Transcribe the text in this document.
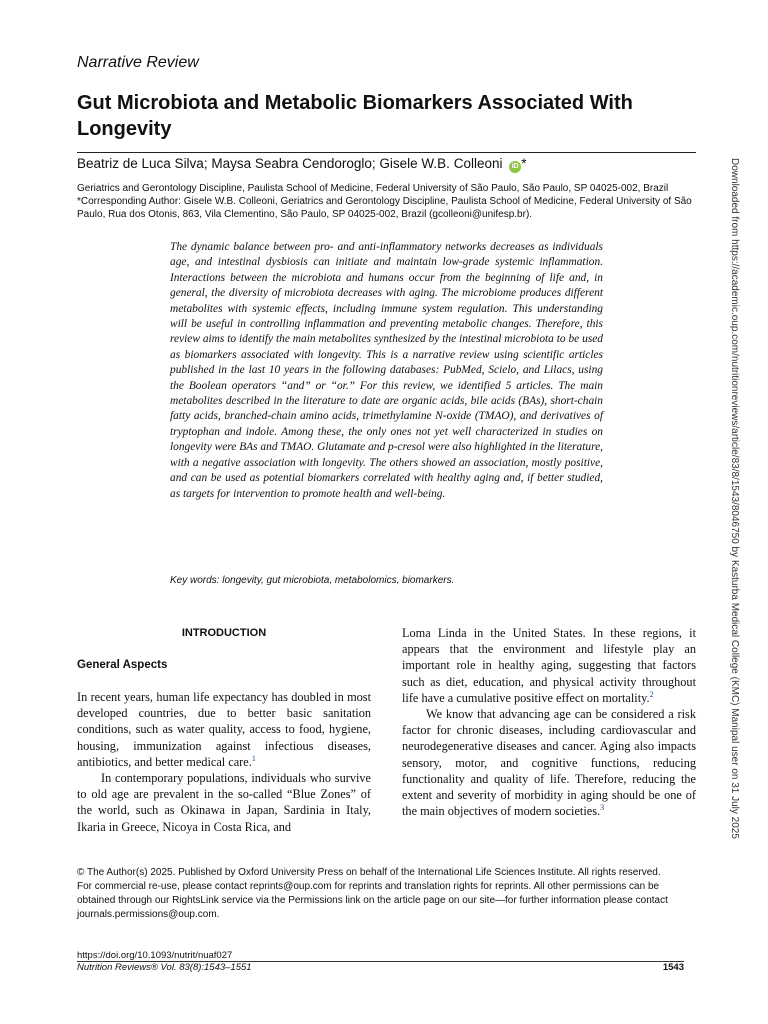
Narrative Review
Gut Microbiota and Metabolic Biomarkers Associated With Longevity
Beatriz de Luca Silva; Maysa Seabra Cendoroglo; Gisele W.B. Colleoni iD *
Geriatrics and Gerontology Discipline, Paulista School of Medicine, Federal University of São Paulo, São Paulo, SP 04025-002, Brazil
*Corresponding Author: Gisele W.B. Colleoni, Geriatrics and Gerontology Discipline, Paulista School of Medicine, Federal University of São Paulo, Rua dos Otonis, 863, Vila Clementino, São Paulo, SP 04025-002, Brazil (gcolleoni@unifesp.br).
The dynamic balance between pro- and anti-inflammatory networks decreases as individuals age, and intestinal dysbiosis can initiate and maintain low-grade systemic inflammation. Interactions between the microbiota and humans occur from the beginning of life and, in general, the diversity of microbiota decreases with aging. The microbiome produces different metabolites with systemic effects, including immune system regulation. This understanding will be useful in controlling inflammation and preventing metabolic changes. Therefore, this review aims to identify the main metabolites synthesized by the intestinal microbiota to be used as biomarkers associated with longevity. This is a narrative review using scientific articles published in the last 10 years in the following databases: PubMed, Scielo, and Lilacs, using the Boolean operators “and” or “or.” For this review, we identified 5 articles. The main metabolites described in the literature to date are organic acids, bile acids (BAs), short-chain fatty acids, branched-chain amino acids, trimethylamine N-oxide (TMAO), and derivatives of tryptophan and indole. Among these, the only ones not yet well characterized in studies on longevity were BAs and TMAO. Glutamate and p-cresol were also highlighted in the literature, with a negative association with longevity. The others showed an association, mostly positive, and can be used as potential biomarkers correlated with healthy aging and, if better studied, as targets for intervention to promote health and well-being.
Key words: longevity, gut microbiota, metabolomics, biomarkers.
INTRODUCTION
General Aspects

In recent years, human life expectancy has doubled in most developed countries, due to better basic sanitation conditions, such as water quality, access to food, hygiene, housing, immunization against infectious diseases, antibiotics, and better medical care.$^1$

In contemporary populations, individuals who survive to old age are prevalent in the so-called “Blue Zones” of the world, such as Okinawa in Japan, Sardinia in Italy, Ikaria in Greece, Nicoya in Costa Rica, and

Loma Linda in the United States. In these regions, it appears that the environment and lifestyle play an important role in healthy aging, suggesting that factors such as diet, education, and physical activity throughout life have a cumulative positive effect on mortality.$^2$

We know that advancing age can be considered a risk factor for chronic diseases, including cardiovascular and neurodegenerative diseases and cancer. Aging also impacts sensory, motor, and cognitive functions, reducing functionality and quality of life. Therefore, reducing the extent and severity of morbidity in aging should be one of the main objectives of modern societies.$^3$

© The Author(s) 2025. Published by Oxford University Press on behalf of the International Life Sciences Institute. All rights reserved.
For commercial re-use, please contact reprints@oup.com for reprints and translation rights for reprints. All other permissions can be obtained through our RightsLink service via the Permissions link on the article page on our site—for further information please contact journals.permissions@oup.com.
https://doi.org/10.1093/nutrit/nuaf027
Nutrition Reviews® Vol. 83(8):1543–1551	1543
Downloaded from https://academic.oup.com/nutritionreviews/article/83/8/1543/8046750 by Kasturba Medical College (KMC) Manipal user on 31 July 2025
